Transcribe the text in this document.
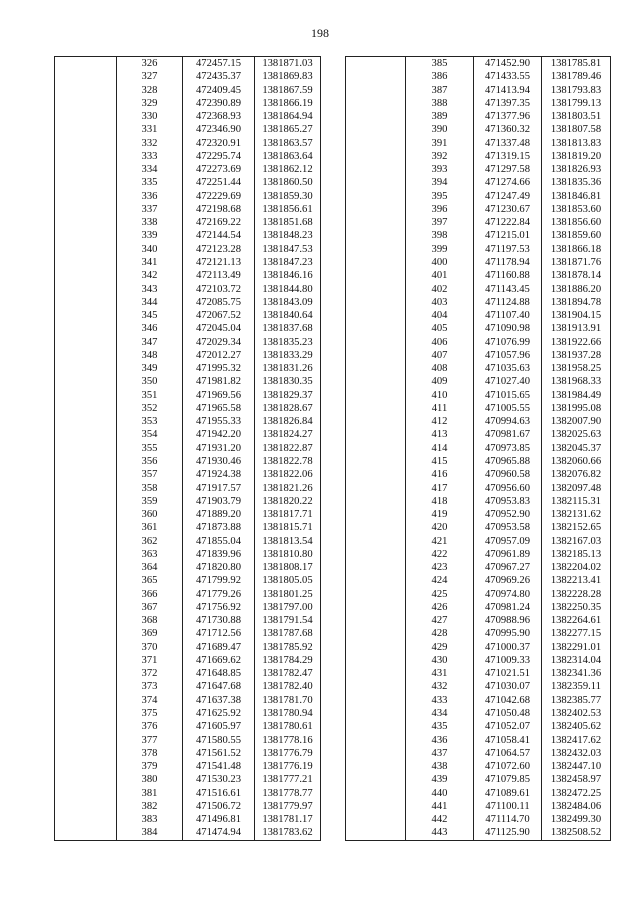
198
	326	472457.15	1381871.03
	327	472435.37	1381869.83
	328	472409.45	1381867.59
	329	472390.89	1381866.19
	330	472368.93	1381864.94
	331	472346.90	1381865.27
	332	472320.91	1381863.57
	333	472295.74	1381863.64
	334	472273.69	1381862.12
	335	472251.44	1381860.50
	336	472229.69	1381859.30
	337	472198.68	1381856.61
	338	472169.22	1381851.68
	339	472144.54	1381848.23
	340	472123.28	1381847.53
	341	472121.13	1381847.23
	342	472113.49	1381846.16
	343	472103.72	1381844.80
	344	472085.75	1381843.09
	345	472067.52	1381840.64
	346	472045.04	1381837.68
	347	472029.34	1381835.23
	348	472012.27	1381833.29
	349	471995.32	1381831.26
	350	471981.82	1381830.35
	351	471969.56	1381829.37
	352	471965.58	1381828.67
	353	471955.33	1381826.84
	354	471942.20	1381824.27
	355	471931.20	1381822.87
	356	471930.46	1381822.78
	357	471924.38	1381822.06
	358	471917.57	1381821.26
	359	471903.79	1381820.22
	360	471889.20	1381817.71
	361	471873.88	1381815.71
	362	471855.04	1381813.54
	363	471839.96	1381810.80
	364	471820.80	1381808.17
	365	471799.92	1381805.05
	366	471779.26	1381801.25
	367	471756.92	1381797.00
	368	471730.88	1381791.54
	369	471712.56	1381787.68
	370	471689.47	1381785.92
	371	471669.62	1381784.29
	372	471648.85	1381782.47
	373	471647.68	1381782.40
	374	471637.38	1381781.70
	375	471625.92	1381780.94
	376	471605.97	1381780.61
	377	471580.55	1381778.16
	378	471561.52	1381776.79
	379	471541.48	1381776.19
	380	471530.23	1381777.21
	381	471516.61	1381778.77
	382	471506.72	1381779.97
	383	471496.81	1381781.17
	384	471474.94	1381783.62
	385	471452.90	1381785.81
	386	471433.55	1381789.46
	387	471413.94	1381793.83
	388	471397.35	1381799.13
	389	471377.96	1381803.51
	390	471360.32	1381807.58
	391	471337.48	1381813.83
	392	471319.15	1381819.20
	393	471297.58	1381826.93
	394	471274.66	1381835.36
	395	471247.49	1381846.81
	396	471230.67	1381853.60
	397	471222.84	1381856.60
	398	471215.01	1381859.60
	399	471197.53	1381866.18
	400	471178.94	1381871.76
	401	471160.88	1381878.14
	402	471143.45	1381886.20
	403	471124.88	1381894.78
	404	471107.40	1381904.15
	405	471090.98	1381913.91
	406	471076.99	1381922.66
	407	471057.96	1381937.28
	408	471035.63	1381958.25
	409	471027.40	1381968.33
	410	471015.65	1381984.49
	411	471005.55	1381995.08
	412	470994.63	1382007.90
	413	470981.67	1382025.63
	414	470973.85	1382045.37
	415	470965.88	1382060.66
	416	470960.58	1382076.82
	417	470956.60	1382097.48
	418	470953.83	1382115.31
	419	470952.90	1382131.62
	420	470953.58	1382152.65
	421	470957.09	1382167.03
	422	470961.89	1382185.13
	423	470967.27	1382204.02
	424	470969.26	1382213.41
	425	470974.80	1382228.28
	426	470981.24	1382250.35
	427	470988.96	1382264.61
	428	470995.90	1382277.15
	429	471000.37	1382291.01
	430	471009.33	1382314.04
	431	471021.51	1382341.36
	432	471030.07	1382359.11
	433	471042.68	1382385.77
	434	471050.48	1382402.53
	435	471052.07	1382405.62
	436	471058.41	1382417.62
	437	471064.57	1382432.03
	438	471072.60	1382447.10
	439	471079.85	1382458.97
	440	471089.61	1382472.25
	441	471100.11	1382484.06
	442	471114.70	1382499.30
	443	471125.90	1382508.52
